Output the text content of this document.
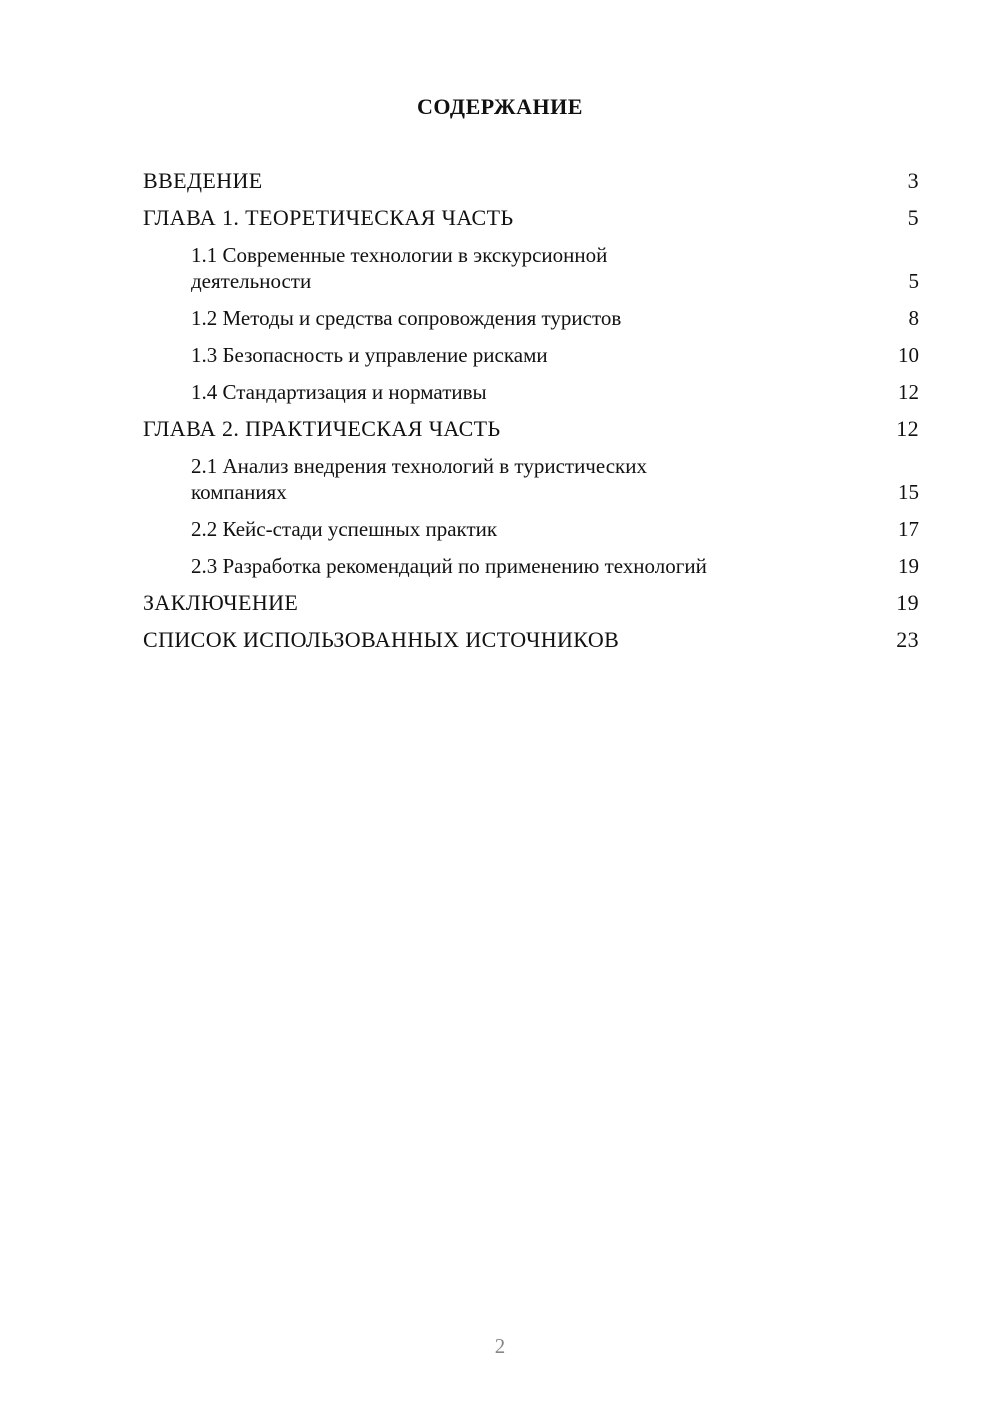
СОДЕРЖАНИЕ
ВВЕДЕНИЕ	3
ГЛАВА 1. ТЕОРЕТИЧЕСКАЯ ЧАСТЬ	5
1.1 Современные технологии в экскурсионной деятельности	5
1.2 Методы и средства сопровождения туристов	8
1.3 Безопасность и управление рисками	10
1.4 Стандартизация и нормативы	12
ГЛАВА 2. ПРАКТИЧЕСКАЯ ЧАСТЬ	12
2.1 Анализ внедрения технологий в туристических компаниях	15
2.2 Кейс-стади успешных практик	17
2.3 Разработка рекомендаций по применению технологий	19
ЗАКЛЮЧЕНИЕ	19
СПИСОК ИСПОЛЬЗОВАННЫХ ИСТОЧНИКОВ	23
2
